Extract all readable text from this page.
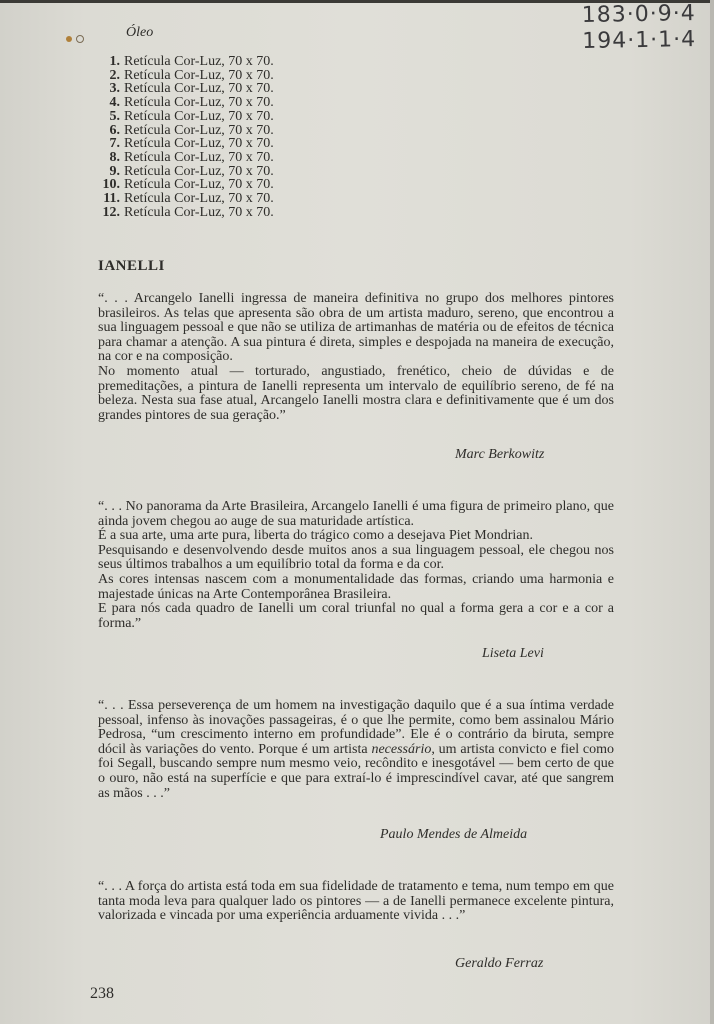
183·0·9·4
194·1·1·4
Óleo
1. Retícula Cor-Luz, 70 x 70.
2. Retícula Cor-Luz, 70 x 70.
3. Retícula Cor-Luz, 70 x 70.
4. Retícula Cor-Luz, 70 x 70.
5. Retícula Cor-Luz, 70 x 70.
6. Retícula Cor-Luz, 70 x 70.
7. Retícula Cor-Luz, 70 x 70.
8. Retícula Cor-Luz, 70 x 70.
9. Retícula Cor-Luz, 70 x 70.
10. Retícula Cor-Luz, 70 x 70.
11. Retícula Cor-Luz, 70 x 70.
12. Retícula Cor-Luz, 70 x 70.
IANELLI

“. . . Arcangelo Ianelli ingressa de maneira definitiva no grupo dos melhores pintores brasileiros. As telas que apresenta são obra de um artista maduro, sereno, que encontrou a sua linguagem pessoal e que não se utiliza de artimanhas de matéria ou de efeitos de técnica para chamar a atenção. A sua pintura é direta, simples e despojada na maneira de execução, na cor e na composição.

No momento atual — torturado, angustiado, frenético, cheio de dúvidas e de premeditações, a pintura de Ianelli representa um intervalo de equilíbrio sereno, de fé na beleza. Nesta sua fase atual, Arcangelo Ianelli mostra clara e definitivamente que é um dos grandes pintores de sua geração.”

Marc Berkowitz

“. . . No panorama da Arte Brasileira, Arcangelo Ianelli é uma figura de primeiro plano, que ainda jovem chegou ao auge de sua maturidade artística.

É a sua arte, uma arte pura, liberta do trágico como a desejava Piet Mondrian.

Pesquisando e desenvolvendo desde muitos anos a sua linguagem pessoal, ele chegou nos seus últimos trabalhos a um equilíbrio total da forma e da cor.

As cores intensas nascem com a monumentalidade das formas, criando uma harmonia e majestade únicas na Arte Contemporânea Brasileira.

E para nós cada quadro de Ianelli um coral triunfal no qual a forma gera a cor e a cor a forma.”

Liseta Levi

“. . . Essa perseverença de um homem na investigação daquilo que é a sua íntima verdade pessoal, infenso às inovações passageiras, é o que lhe permite, como bem assinalou Mário Pedrosa, “um crescimento interno em profundidade”. Ele é o contrário da biruta, sempre dócil às variações do vento. Porque é um artista necessário, um artista convicto e fiel como foi Segall, buscando sempre num mesmo veio, recôndito e inesgotável — bem certo de que o ouro, não está na superfície e que para extraí-lo é imprescindível cavar, até que sangrem as mãos . . .”

Paulo Mendes de Almeida

“. . . A força do artista está toda em sua fidelidade de tratamento e tema, num tempo em que tanta moda leva para qualquer lado os pintores — a de Ianelli permanece excelente pintura, valorizada e vincada por uma experiência arduamente vivida . . .”

Geraldo Ferraz
238
